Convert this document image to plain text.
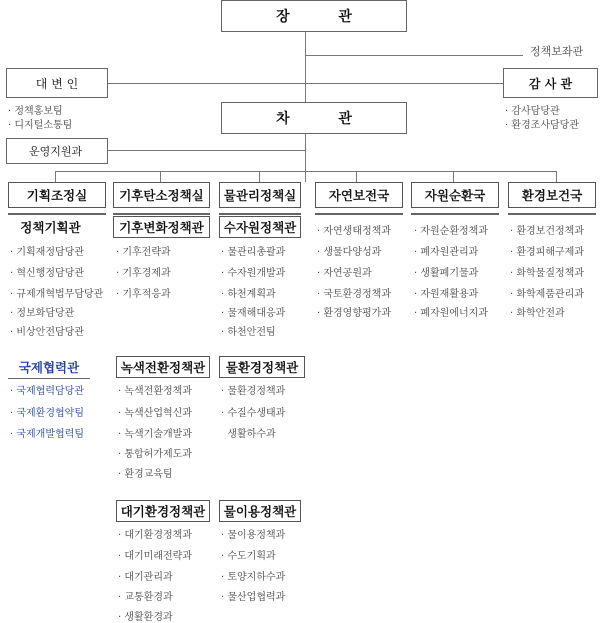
장          관
정책보좌관
대 변 인
· 정책홍보팀
· 디지털소통팀
감 사 관
· 감사담당관
· 환경조사담당관
차          관
운영지원과
기획조정실	기후탄소정책실	물관리정책실	자연보전국	자원순환국	환경보건국
정책기획관	기후변화정책관	수자원정책관
· 기획재정담당관
· 혁신행정담당관
· 규제개혁법무담당관
· 정보화담당관
· 비상안전담당관
· 기후전략과
· 기후경제과
· 기후적응과
· 물관리총괄과
· 수자원개발과
· 하천계획과
· 물재해대응과
· 하천안전팀
· 자연생태정책과
· 생물다양성과
· 자연공원과
· 국토환경정책과
· 환경영향평가과
· 자원순환정책과
· 폐자원관리과
· 생활폐기물과
· 자원재활용과
· 폐자원에너지과
· 환경보건정책과
· 환경피해구제과
· 화학물질정책과
· 화학제품관리과
· 화학안전과
국제협력관	녹색전환정책관	물환경정책관
· 국제협력담당관
· 국제환경협약팀
· 국제개발협력팀
· 녹색전환정책과
· 녹색산업혁신과
· 녹색기술개발과
· 통합허가제도과
· 환경교육팀
· 물환경정책과
· 수질수생태과
생활하수과
대기환경정책관	물이용정책관
· 대기환경정책과
· 대기미래전략과
· 대기관리과
· 교통환경과
· 생활환경과
· 물이용정책과
· 수도기획과
· 토양지하수과
· 물산업협력과
